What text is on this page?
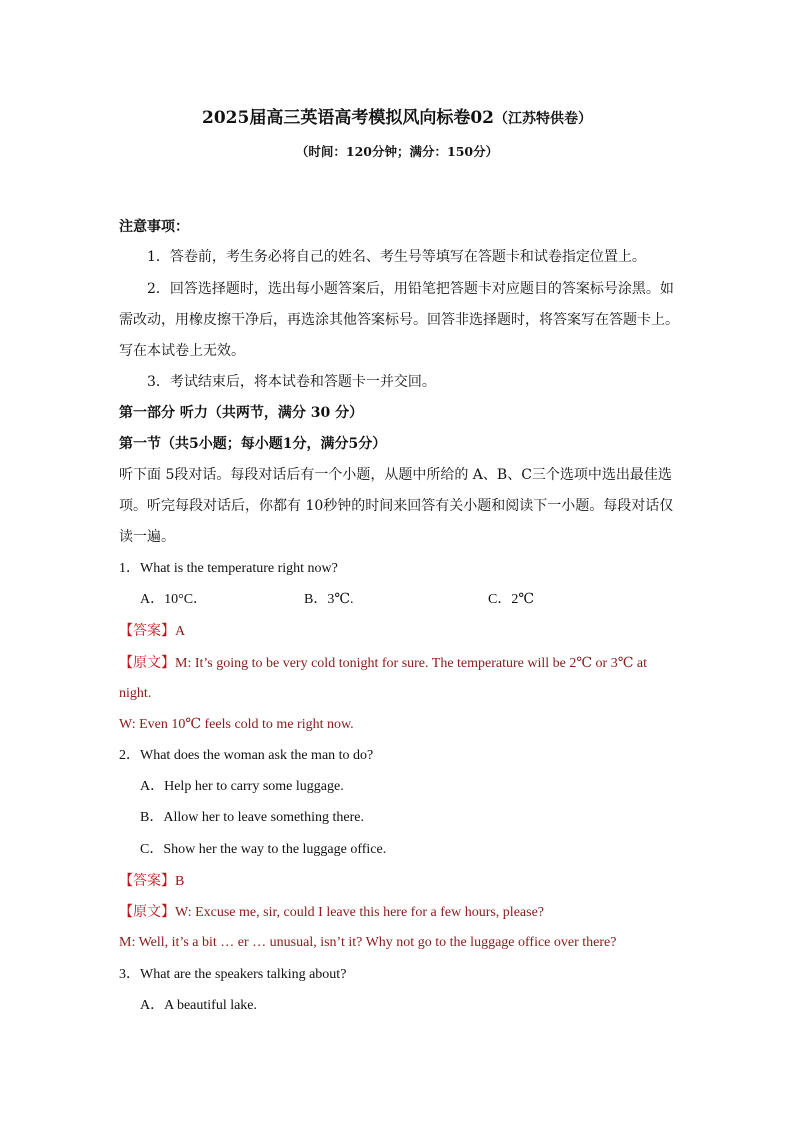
2025届高三英语高考模拟风向标卷02（江苏特供卷）
（时间：120分钟；满分：150分）
注意事项：
1．答卷前，考生务必将自己的姓名、考生号等填写在答题卡和试卷指定位置上。
2．回答选择题时，选出每小题答案后，用铅笔把答题卡对应题目的答案标号涂黑。如
需改动，用橡皮擦干净后，再选涂其他答案标号。回答非选择题时，将答案写在答题卡上。
写在本试卷上无效。
3．考试结束后，将本试卷和答题卡一并交回。
第一部分 听力（共两节，满分 30 分）
第一节（共5小题；每小题1分，满分5分）
听下面 5段对话。每段对话后有一个小题，从题中所给的 A、B、C三个选项中选出最佳选
项。听完每段对话后，你都有 10秒钟的时间来回答有关小题和阅读下一小题。每段对话仅
读一遍。
1．What is the temperature right now?
A．10°C．	B．3℃.	C．2℃
【答案】A
【原文】M: It’s going to be very cold tonight for sure. The temperature will be 2℃ or 3℃ at
night.
W: Even 10℃ feels cold to me right now.
2．What does the woman ask the man to do?
A．Help her to carry some luggage.
B．Allow her to leave something there.
C．Show her the way to the luggage office.
【答案】B
【原文】W: Excuse me, sir, could I leave this here for a few hours, please?
M: Well, it’s a bit … er … unusual, isn’t it? Why not go to the luggage office over there?
3．What are the speakers talking about?
A．A beautiful lake.
